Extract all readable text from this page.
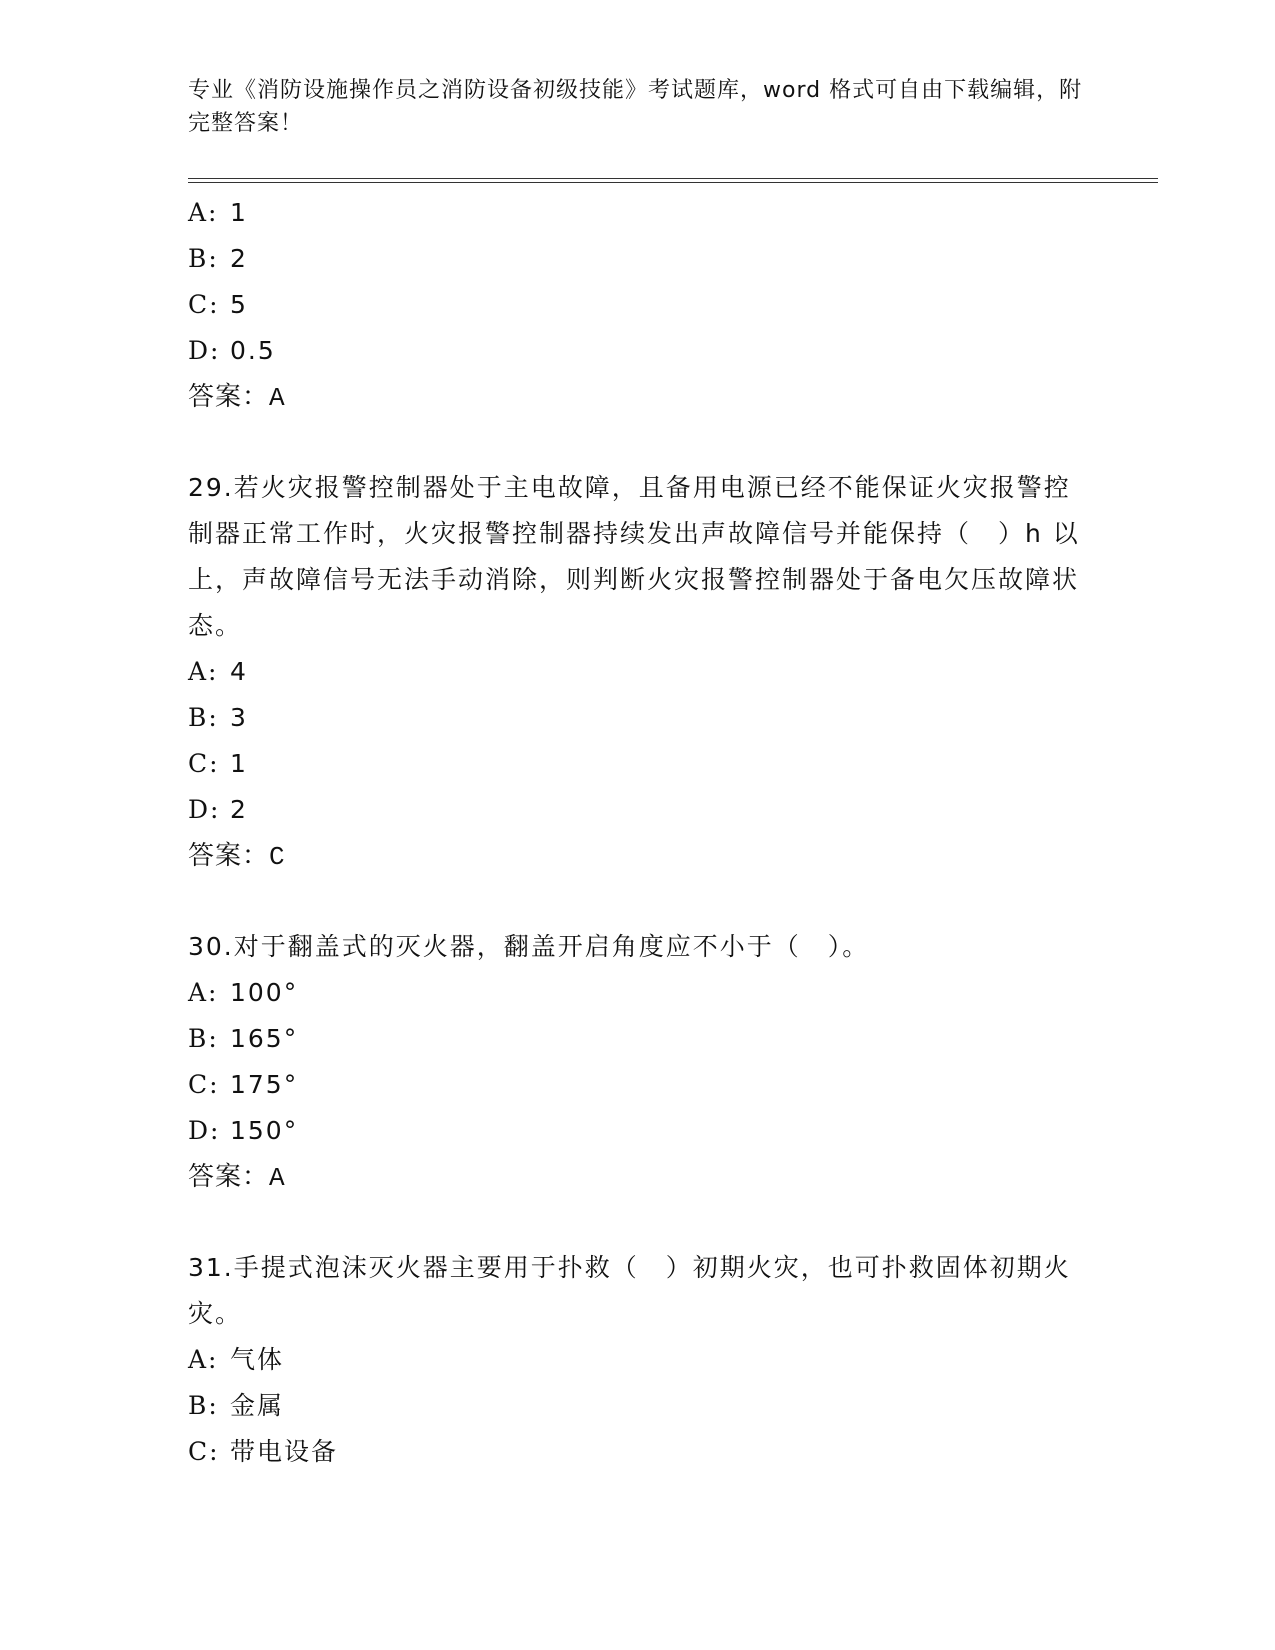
专业《消防设施操作员之消防设备初级技能》考试题库，word 格式可自由下载编辑，附完整答案！
A: 1
B: 2
C: 5
D: 0.5
答案：A
29.若火灾报警控制器处于主电故障，且备用电源已经不能保证火灾报警控制器正常工作时，火灾报警控制器持续发出声故障信号并能保持（　）h 以上，声故障信号无法手动消除，则判断火灾报警控制器处于备电欠压故障状态。
A: 4
B: 3
C: 1
D: 2
答案：C
30.对于翻盖式的灭火器，翻盖开启角度应不小于（　）。
A: 100°
B: 165°
C: 175°
D: 150°
答案：A
31.手提式泡沫灭火器主要用于扑救（　）初期火灾，也可扑救固体初期火灾。
A: 气体
B: 金属
C: 带电设备
